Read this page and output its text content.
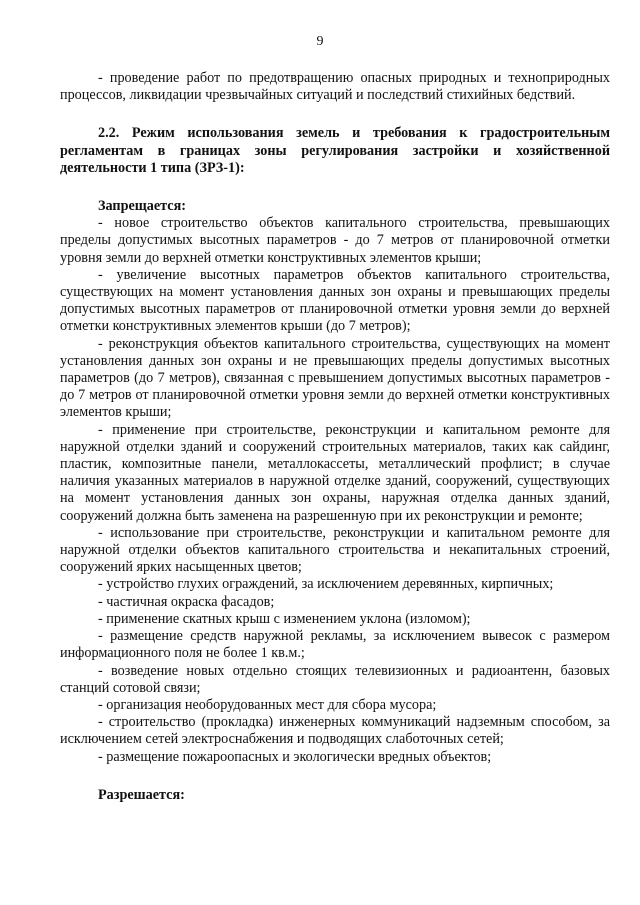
9

- проведение работ по предотвращению опасных природных и техноприродных процессов, ликвидации чрезвычайных ситуаций и последствий стихийных бедствий.

2.2. Режим использования земель и требования к градостроительным регламентам в границах зоны регулирования застройки и хозяйственной деятельности 1 типа (ЗРЗ-1):

Запрещается:

- новое строительство объектов капитального строительства, превышающих пределы допустимых высотных параметров - до 7 метров от планировочной отметки уровня земли до верхней отметки конструктивных элементов крыши;

- увеличение высотных параметров объектов капитального строительства, существующих на момент установления данных зон охраны и превышающих пределы допустимых высотных параметров от планировочной отметки уровня земли до верхней отметки конструктивных элементов крыши (до 7 метров);

- реконструкция объектов капитального строительства, существующих на момент установления данных зон охраны и не превышающих пределы допустимых высотных параметров (до 7 метров), связанная с превышением допустимых высотных параметров - до 7 метров от планировочной отметки уровня земли до верхней отметки конструктивных элементов крыши;

- применение при строительстве, реконструкции и капитальном ремонте для наружной отделки зданий и сооружений строительных материалов, таких как сайдинг, пластик, композитные панели, металлокассеты, металлический профлист; в случае наличия указанных материалов в наружной отделке зданий, сооружений, существующих на момент установления данных зон охраны, наружная отделка данных зданий, сооружений должна быть заменена на разрешенную при их реконструкции и ремонте;

- использование при строительстве, реконструкции и капитальном ремонте для наружной отделки объектов капитального строительства и некапитальных строений, сооружений ярких насыщенных цветов;

- устройство глухих ограждений, за исключением деревянных, кирпичных;

- частичная окраска фасадов;

- применение скатных крыш с изменением уклона (изломом);

- размещение средств наружной рекламы, за исключением вывесок с размером информационного поля не более 1 кв.м.;

- возведение новых отдельно стоящих телевизионных и радиоантенн, базовых станций сотовой связи;

- организация необорудованных мест для сбора мусора;

- строительство (прокладка) инженерных коммуникаций надземным способом, за исключением сетей электроснабжения и подводящих слаботочных сетей;

- размещение пожароопасных и экологически вредных объектов;

Разрешается:
